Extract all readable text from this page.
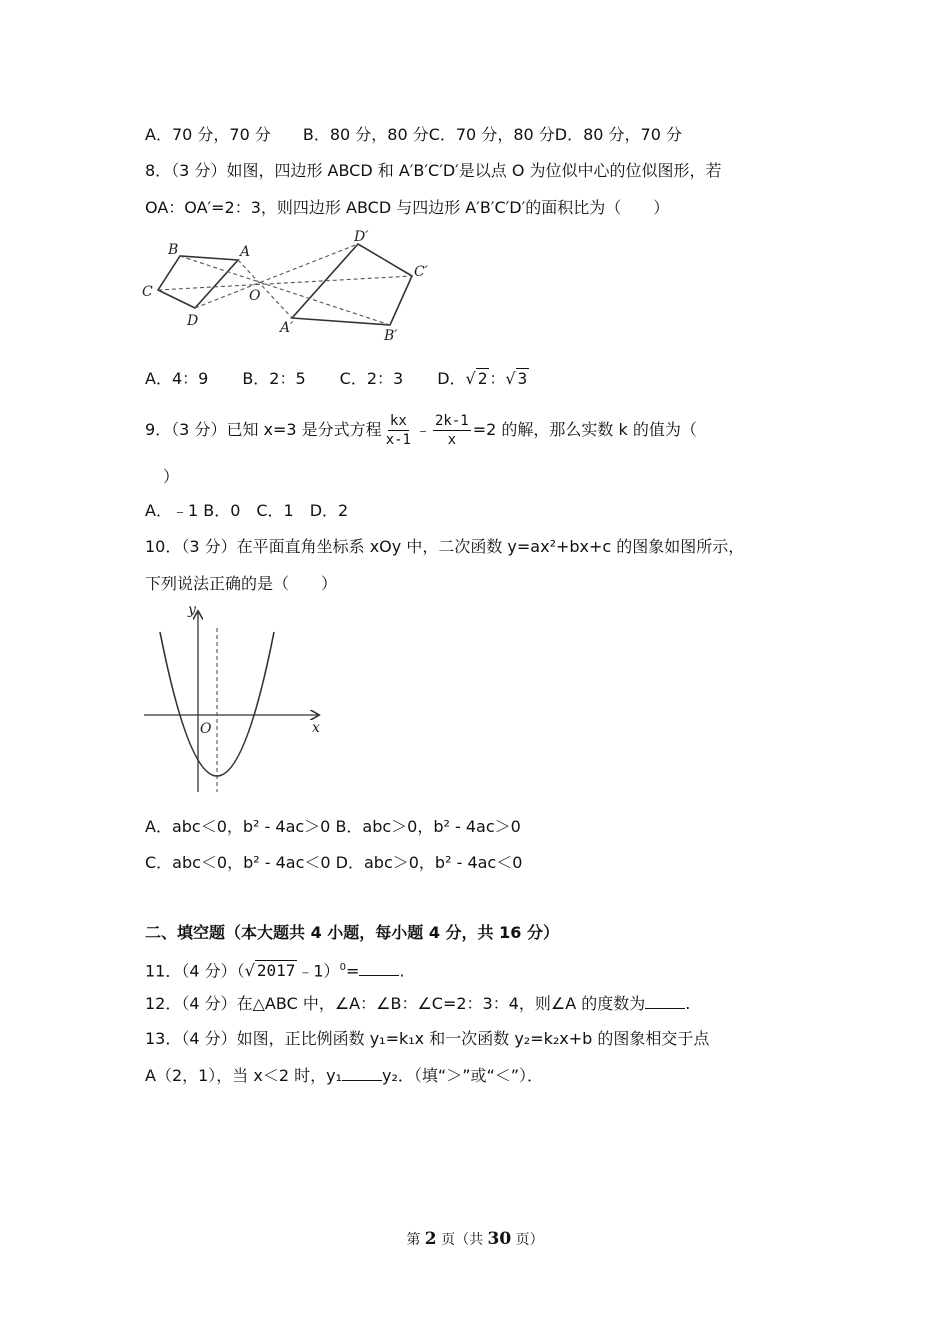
A．70 分，70 分　　B．80 分，80 分C．70 分，80 分D．80 分，70 分
8．（3 分）如图，四边形 ABCD 和 A′B′C′D′是以点 O 为位似中心的位似图形，若
OA：OA′=2：3，则四边形 ABCD 与四边形 A′B′C′D′的面积比为（　　）
B	A
C
D
O
D′
C′
A′	B′
A．4：9 B．2：5 C．2：3 D．√ 2 ：√ 3
9．（3 分）已知 x=3 是分式方程 $\frac{kx}{x-1}$ ﹣ $\frac{2k-1}{x} =2$ 的解，那么实数 k 的值为（
）
A．﹣1 B．0　C．1　D．2
10．（3 分）在平面直角坐标系 xOy 中，二次函数 y=ax²+bx+c 的图象如图所示，
下列说法正确的是（　　）
y
x
O
A．abc＜0，b² ‑ 4ac＞0 B．abc＞0，b² ‑ 4ac＞0
C．abc＜0，b² ‑ 4ac＜0 D．abc＞0，b² ‑ 4ac＜0
二、填空题（本大题共 4 小题，每小题 4 分，共 16 分）
11．（4 分）（√ 2017 ﹣1）$^0$=	.
12．（4 分）在△ABC 中，∠A：∠B：∠C=2：3：4，则∠A 的度数为	.
13．（4 分）如图，正比例函数 y₁=k₁x 和一次函数 y₂=k₂x+b 的图象相交于点
A（2，1），当 x＜2 时，y₁	y₂．（填“＞”或“＜”）．
第 2 页（共 30 页）
